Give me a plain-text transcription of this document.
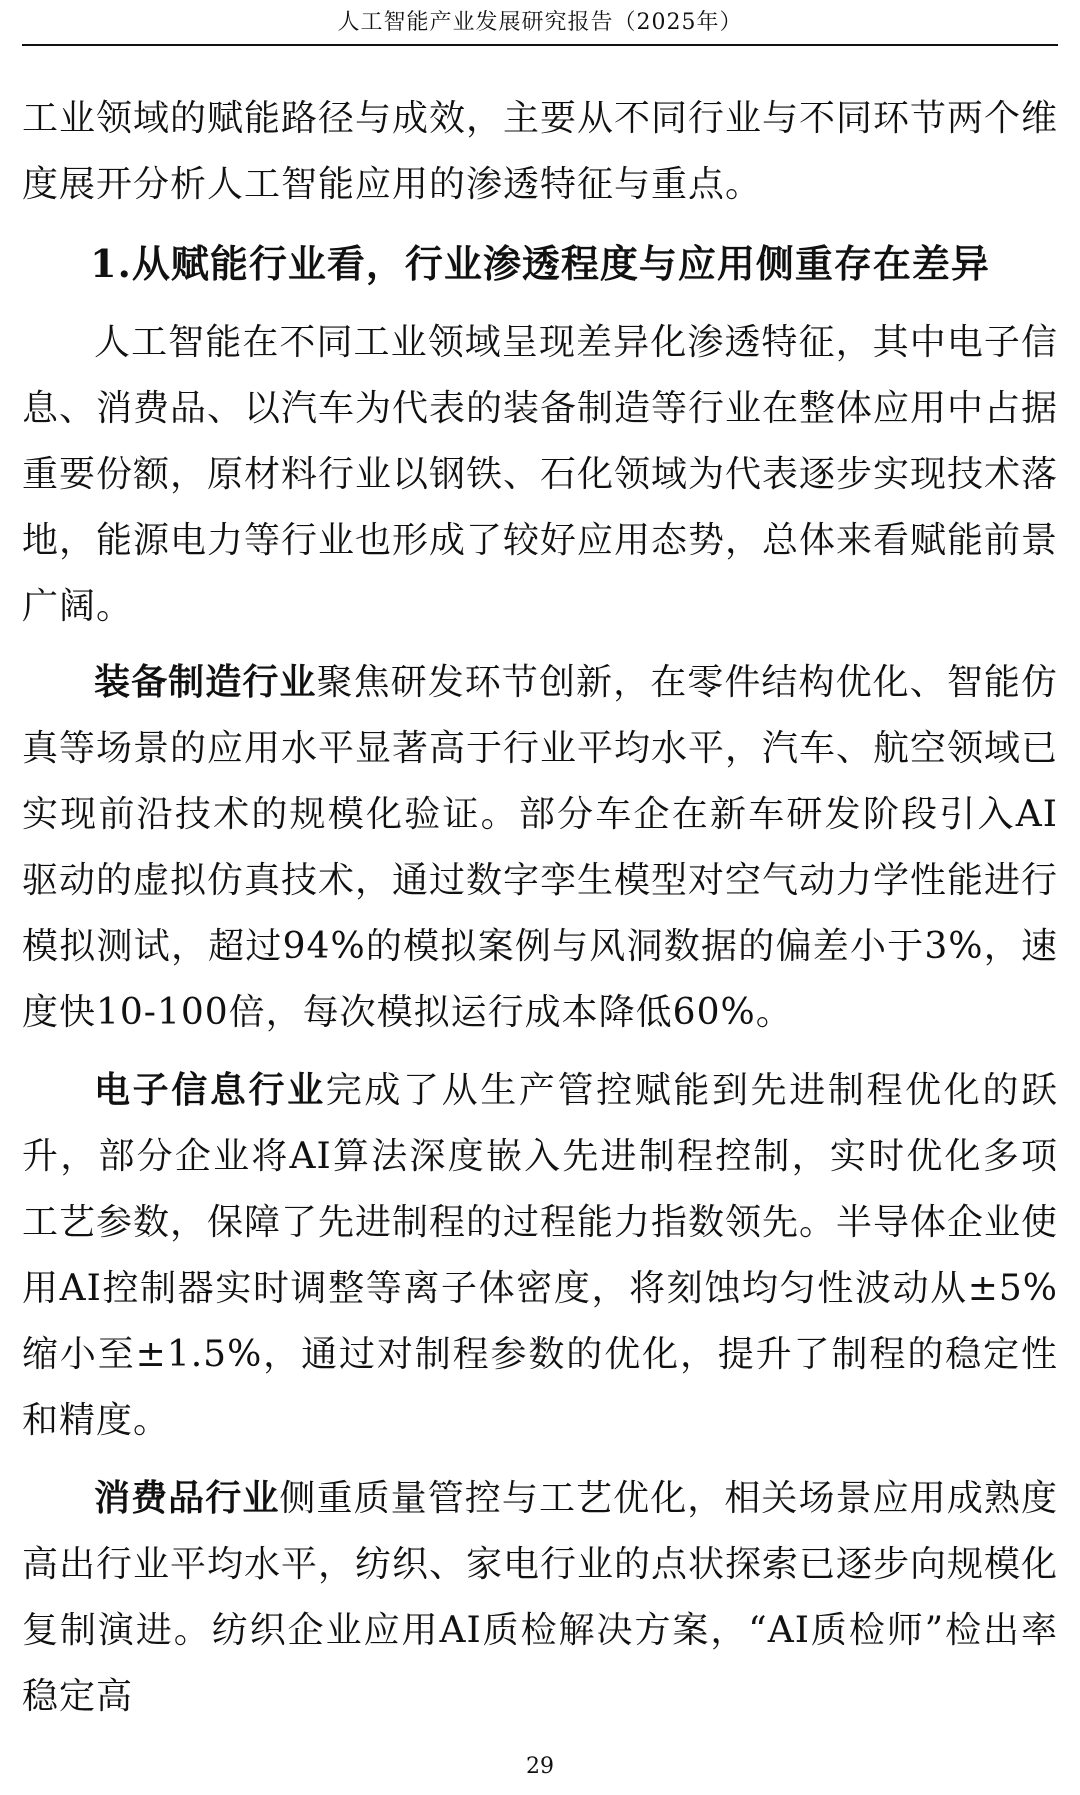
人工智能产业发展研究报告（2025年）

工业领域的赋能路径与成效，主要从不同行业与不同环节两个维度展开分析人工智能应用的渗透特征与重点。

1.从赋能行业看，行业渗透程度与应用侧重存在差异

人工智能在不同工业领域呈现差异化渗透特征，其中电子信息、消费品、以汽车为代表的装备制造等行业在整体应用中占据重要份额，原材料行业以钢铁、石化领域为代表逐步实现技术落地，能源电力等行业也形成了较好应用态势，总体来看赋能前景广阔。

装备制造行业聚焦研发环节创新，在零件结构优化、智能仿真等场景的应用水平显著高于行业平均水平，汽车、航空领域已实现前沿技术的规模化验证。部分车企在新车研发阶段引入AI驱动的虚拟仿真技术，通过数字孪生模型对空气动力学性能进行模拟测试，超过94%的模拟案例与风洞数据的偏差小于3%，速度快10-100倍，每次模拟运行成本降低60%。

电子信息行业完成了从生产管控赋能到先进制程优化的跃升，部分企业将AI算法深度嵌入先进制程控制，实时优化多项工艺参数，保障了先进制程的过程能力指数领先。半导体企业使用AI控制器实时调整等离子体密度，将刻蚀均匀性波动从±5%缩小至±1.5%，通过对制程参数的优化，提升了制程的稳定性和精度。

消费品行业侧重质量管控与工艺优化，相关场景应用成熟度高出行业平均水平，纺织、家电行业的点状探索已逐步向规模化复制演进。纺织企业应用AI质检解决方案，“AI质检师”检出率稳定高

29
